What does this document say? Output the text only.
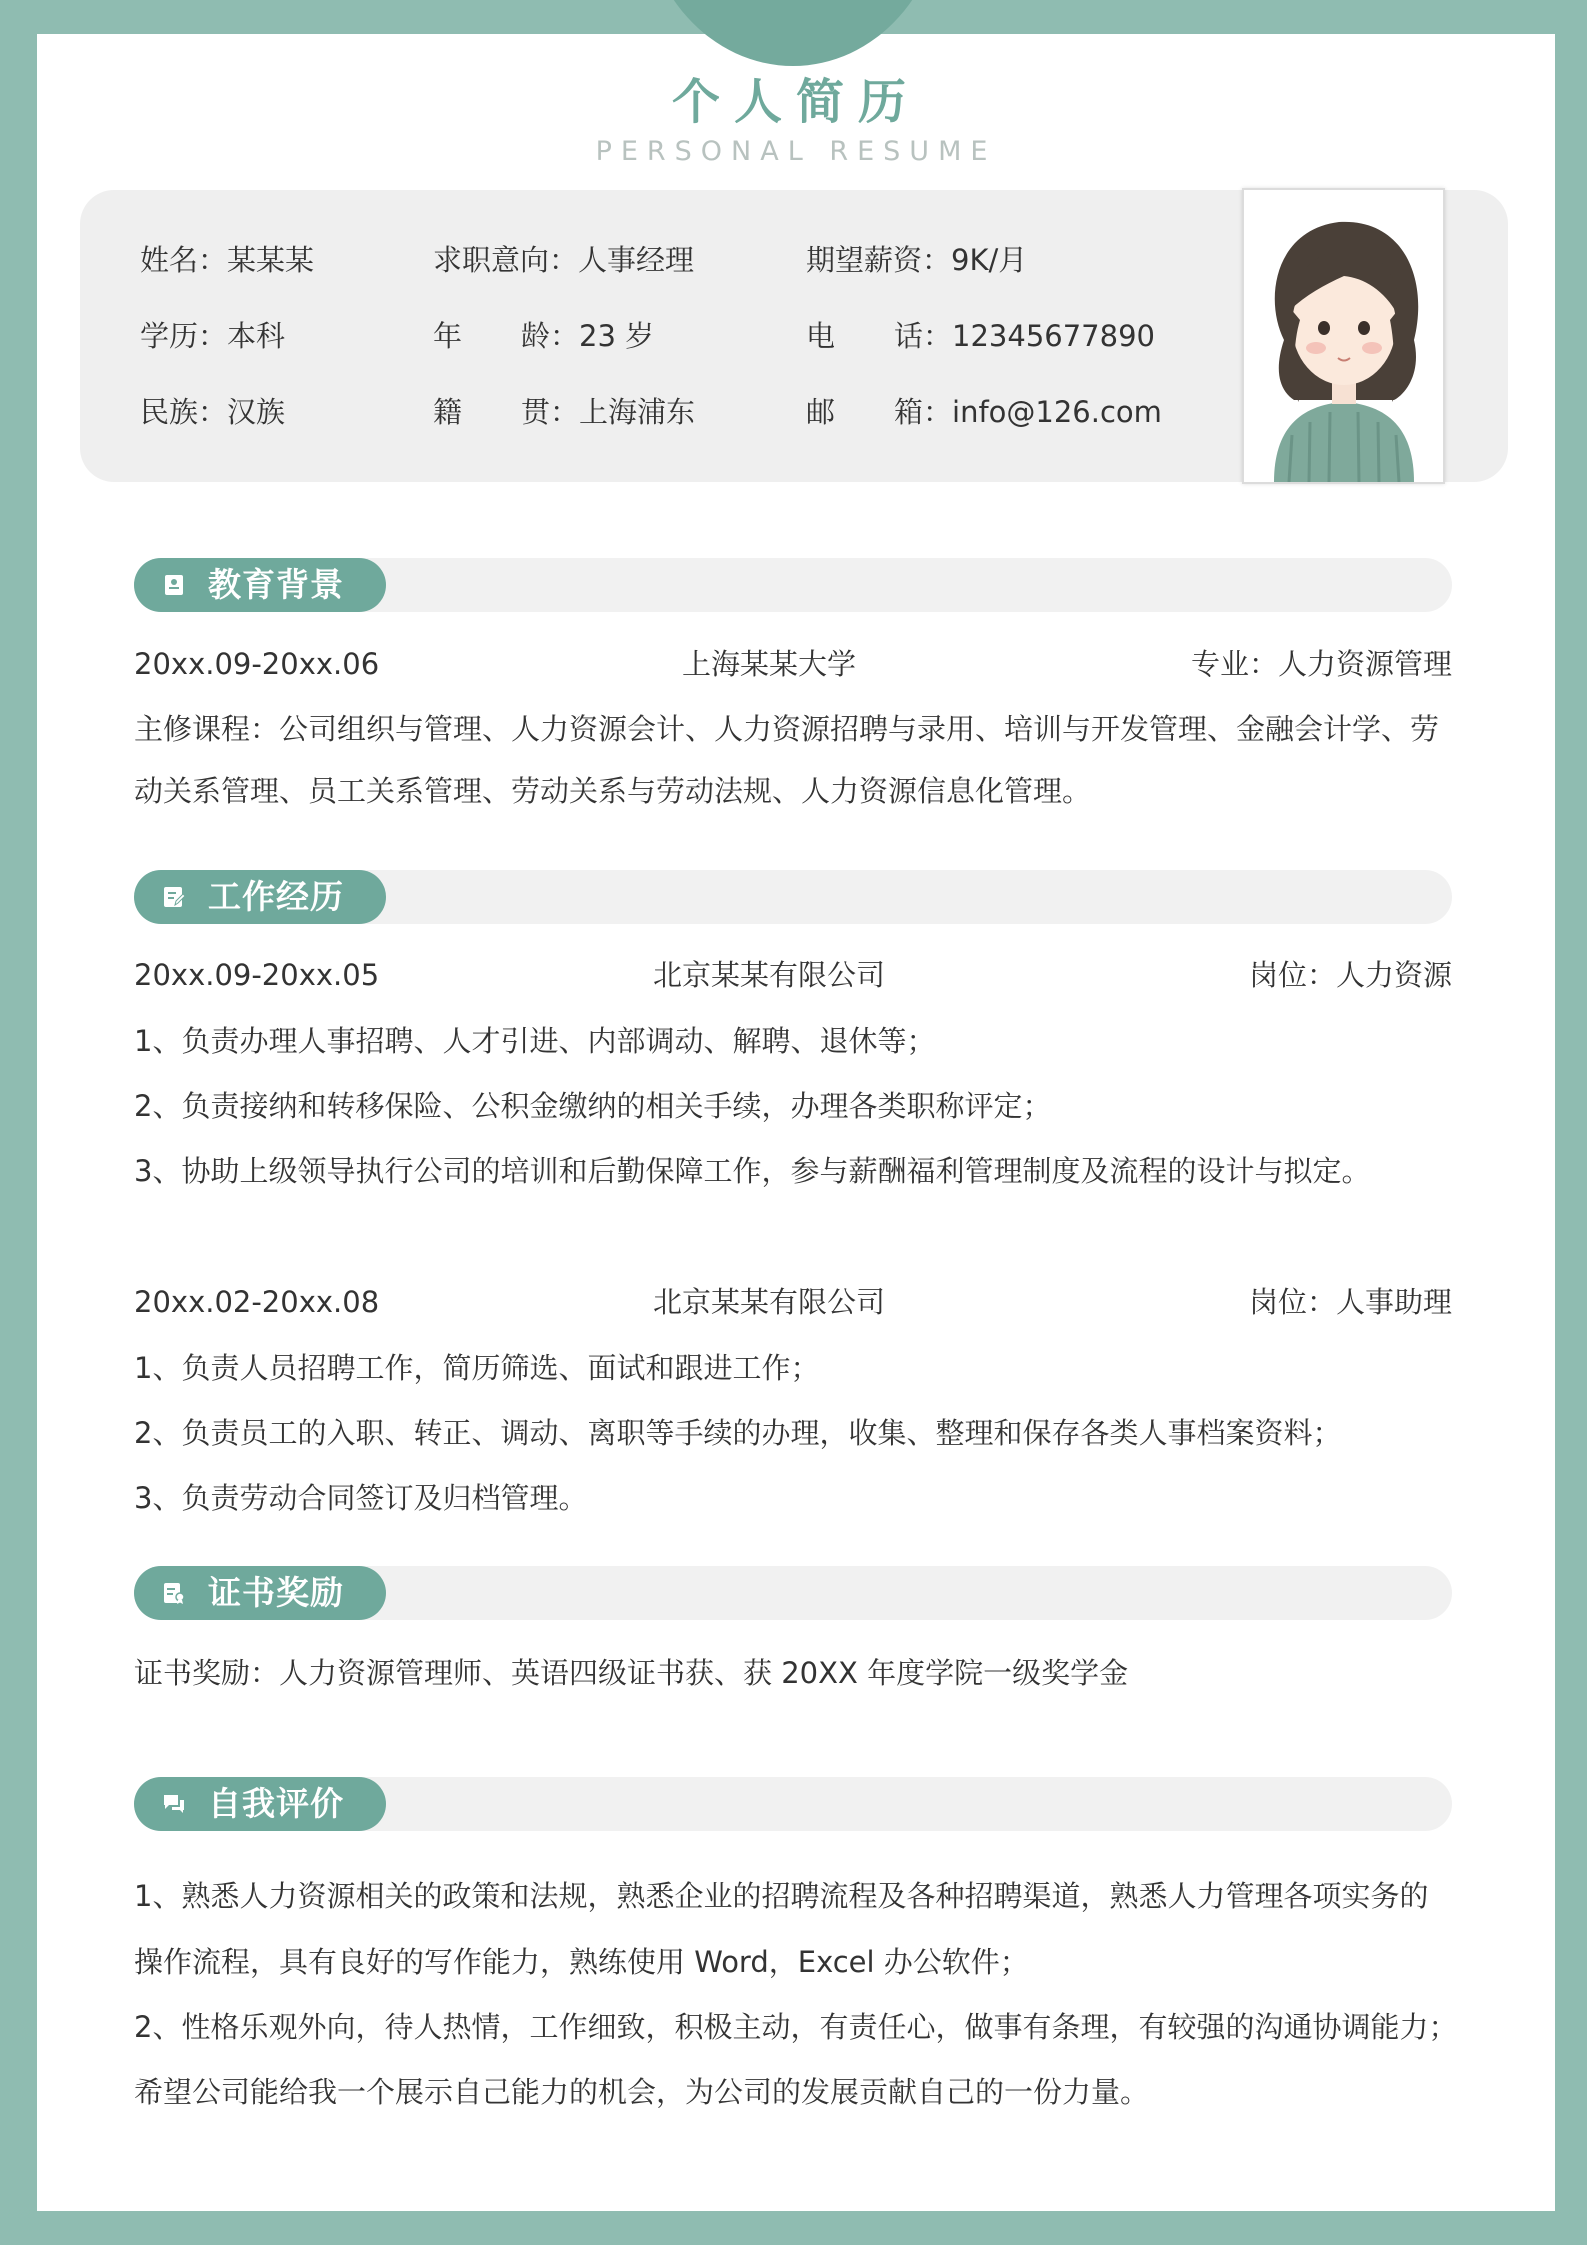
个人简历
PERSONAL RESUME
姓名：某某某	求职意向：人事经理	期望薪资：9K/月
学历：本科	年 龄：23 岁	电 话：12345677890
民族：汉族	籍 贯：上海浦东	邮 箱：info@126.com
教育背景
20xx.09-20xx.06	上海某某大学	专业：人力资源管理
主修课程：公司组织与管理、人力资源会计、人力资源招聘与录用、培训与开发管理、金融会计学、劳动关系管理、员工关系管理、劳动关系与劳动法规、人力资源信息化管理。
工作经历
20xx.09-20xx.05	北京某某有限公司	岗位：人力资源
1、负责办理人事招聘、人才引进、内部调动、解聘、退休等；
2、负责接纳和转移保险、公积金缴纳的相关手续，办理各类职称评定；
3、协助上级领导执行公司的培训和后勤保障工作，参与薪酬福利管理制度及流程的设计与拟定。
20xx.02-20xx.08	北京某某有限公司	岗位：人事助理
1、负责人员招聘工作，简历筛选、面试和跟进工作；
2、负责员工的入职、转正、调动、离职等手续的办理，收集、整理和保存各类人事档案资料；
3、负责劳动合同签订及归档管理。
证书奖励
证书奖励：人力资源管理师、英语四级证书获、获 20XX 年度学院一级奖学金
自我评价
1、熟悉人力资源相关的政策和法规，熟悉企业的招聘流程及各种招聘渠道，熟悉人力管理各项实务的
操作流程，具有良好的写作能力，熟练使用 Word，Excel 办公软件；
2、性格乐观外向，待人热情，工作细致，积极主动，有责任心，做事有条理，有较强的沟通协调能力；
希望公司能给我一个展示自己能力的机会，为公司的发展贡献自己的一份力量。
